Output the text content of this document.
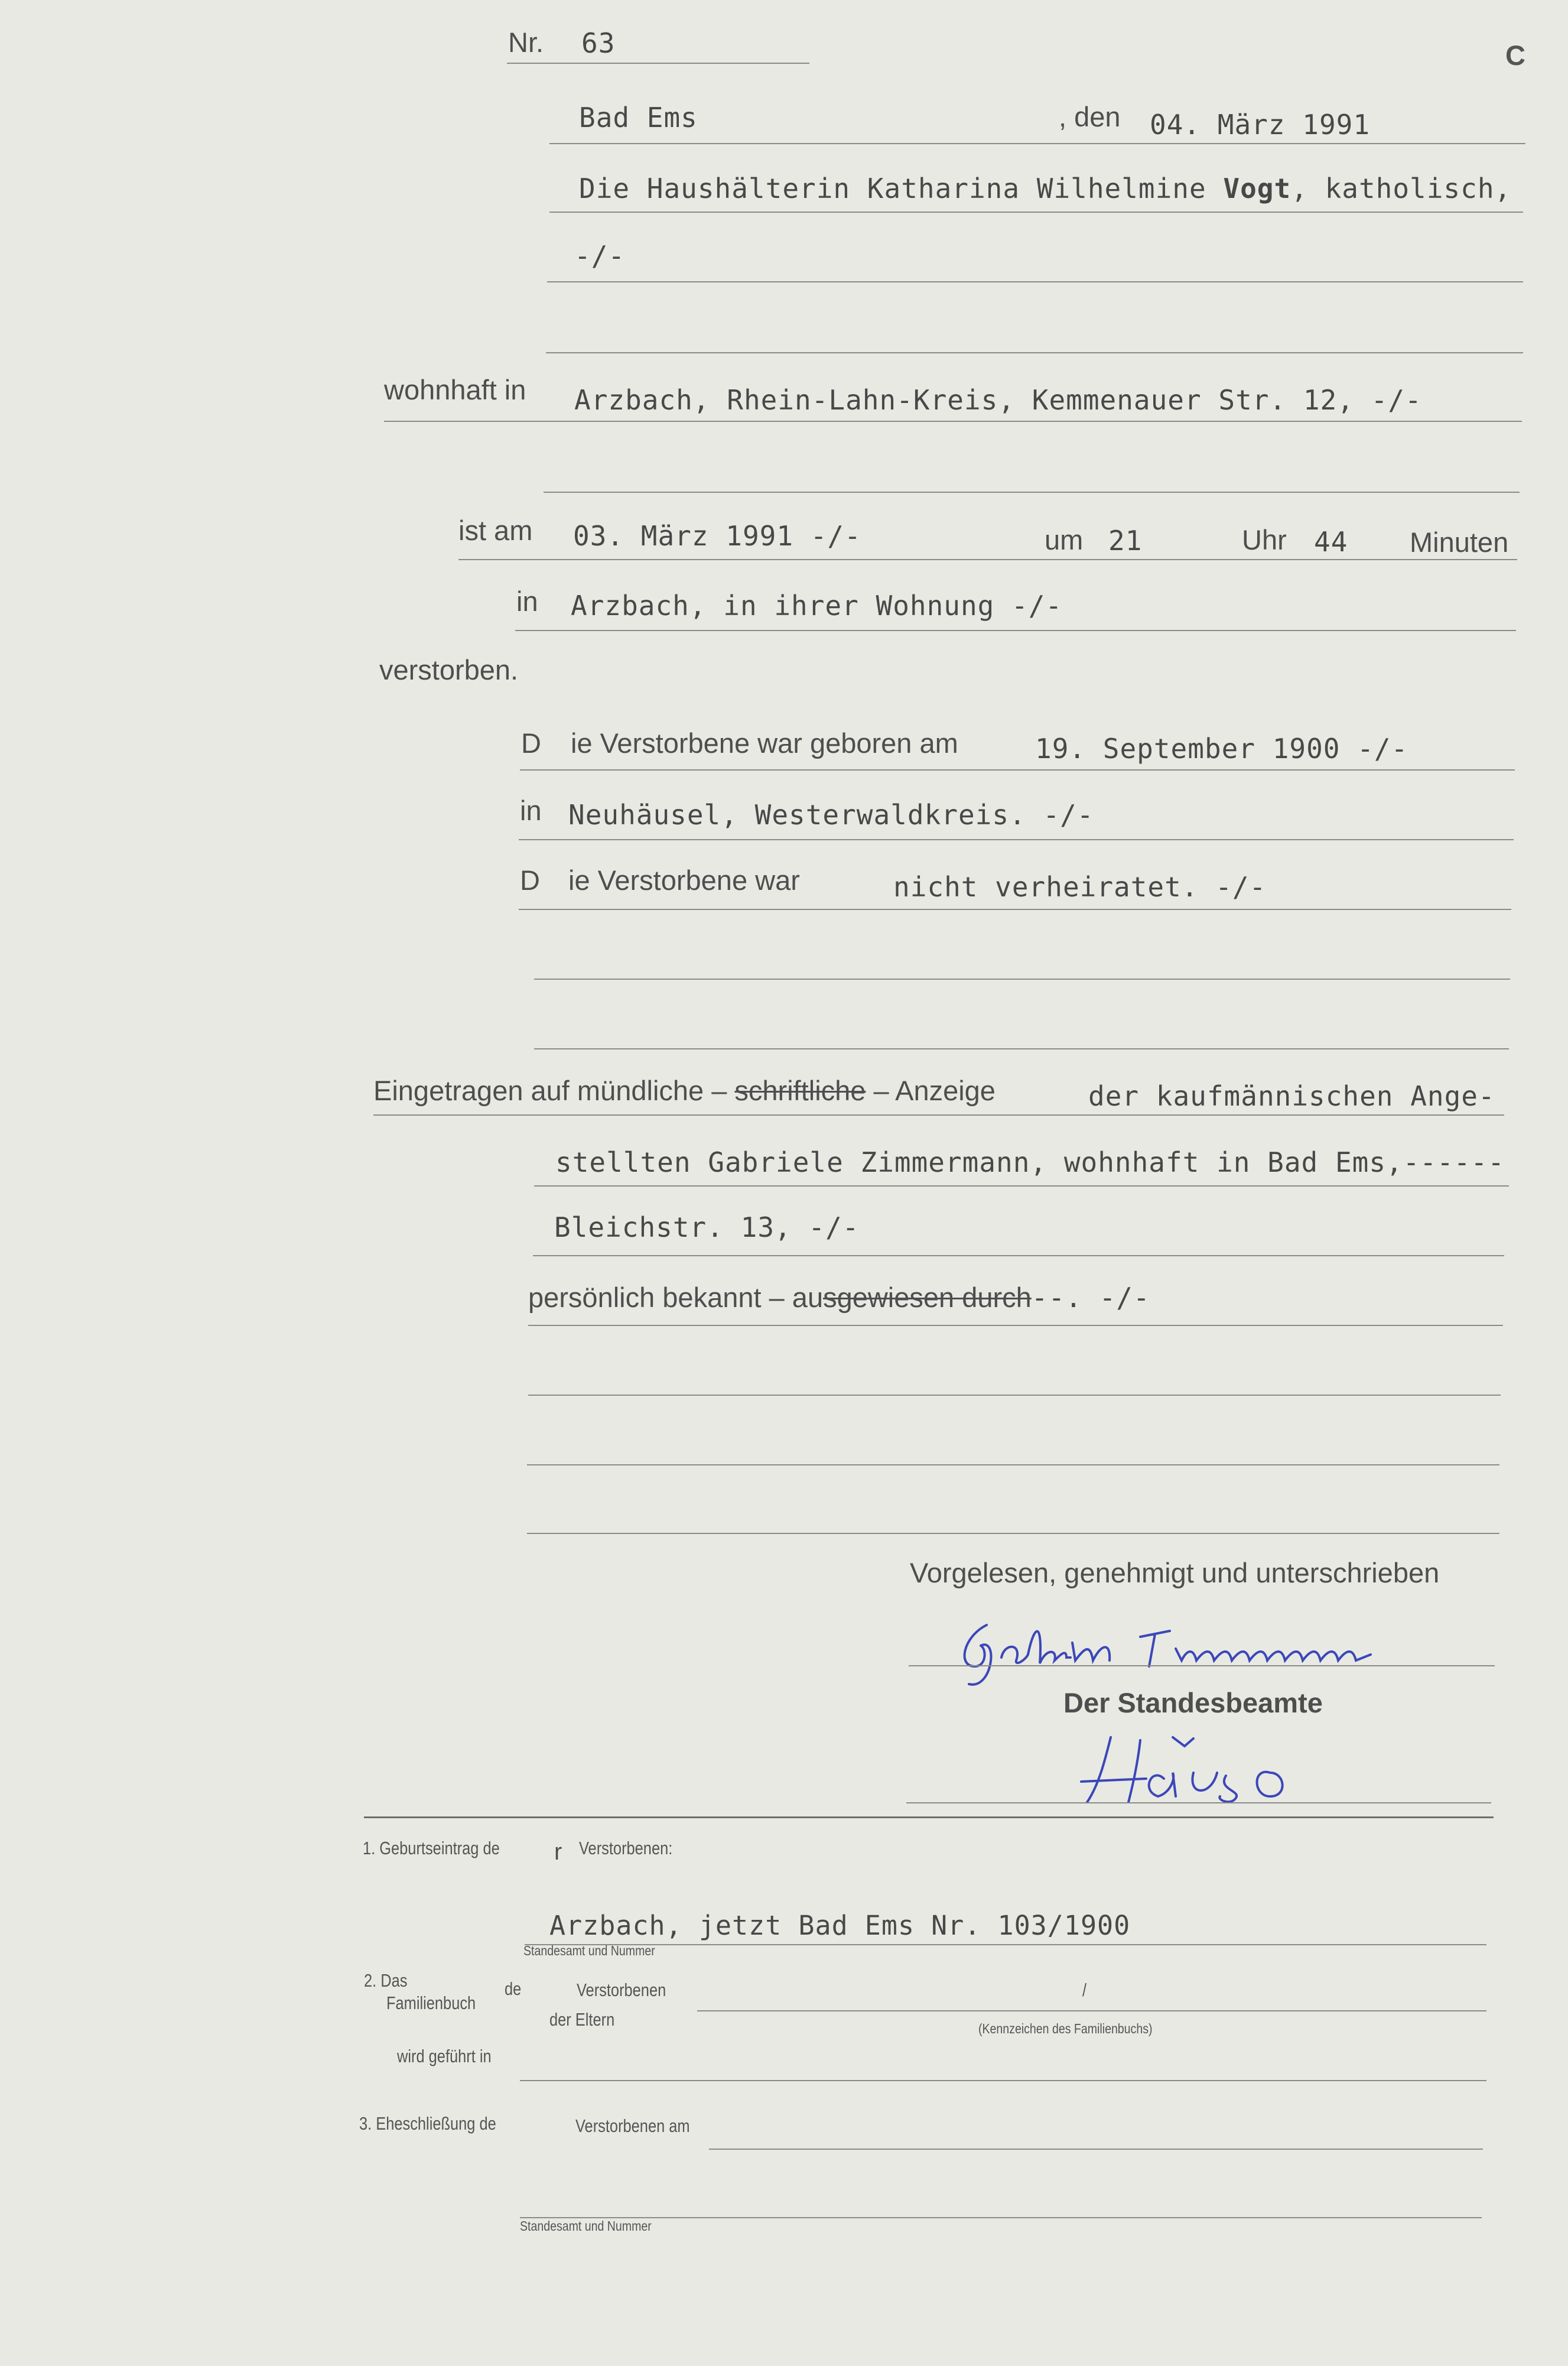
Nr. 63	C
Bad Ems	, den 04. März 1991
Die Haushälterin Katharina Wilhelmine Vogt, katholisch,
-/-
wohnhaft in Arzbach, Rhein-Lahn-Kreis, Kemmenauer Str. 12, -/-
ist am 03. März 1991 -/-	um 21	Uhr 44 Minuten
in Arzbach, in ihrer Wohnung -/-
verstorben.
D ie Verstorbene war geboren am	19. September 1900 -/-
in Neuhäusel, Westerwaldkreis. -/-
D ie Verstorbene war	nicht verheiratet. -/-
Eingetragen auf mündliche – schriftliche – Anzeige	der kaufmännischen Ange-
stellten Gabriele Zimmermann, wohnhaft in Bad Ems,------
Bleichstr. 13, -/-
persönlich bekannt – ausgewiesen durch--. -/-
Vorgelesen, genehmigt und unterschrieben
Der Standesbeamte
1. Geburtseintrag de r Verstorbenen:
Arzbach, jetzt Bad Ems Nr. 103/1900
Standesamt und Nummer
2. Das
Familienbuch
de	Verstorbenen
der Eltern
/
(Kennzeichen des Familienbuchs)
wird geführt in
3. Eheschließung de	Verstorbenen am
Standesamt und Nummer
